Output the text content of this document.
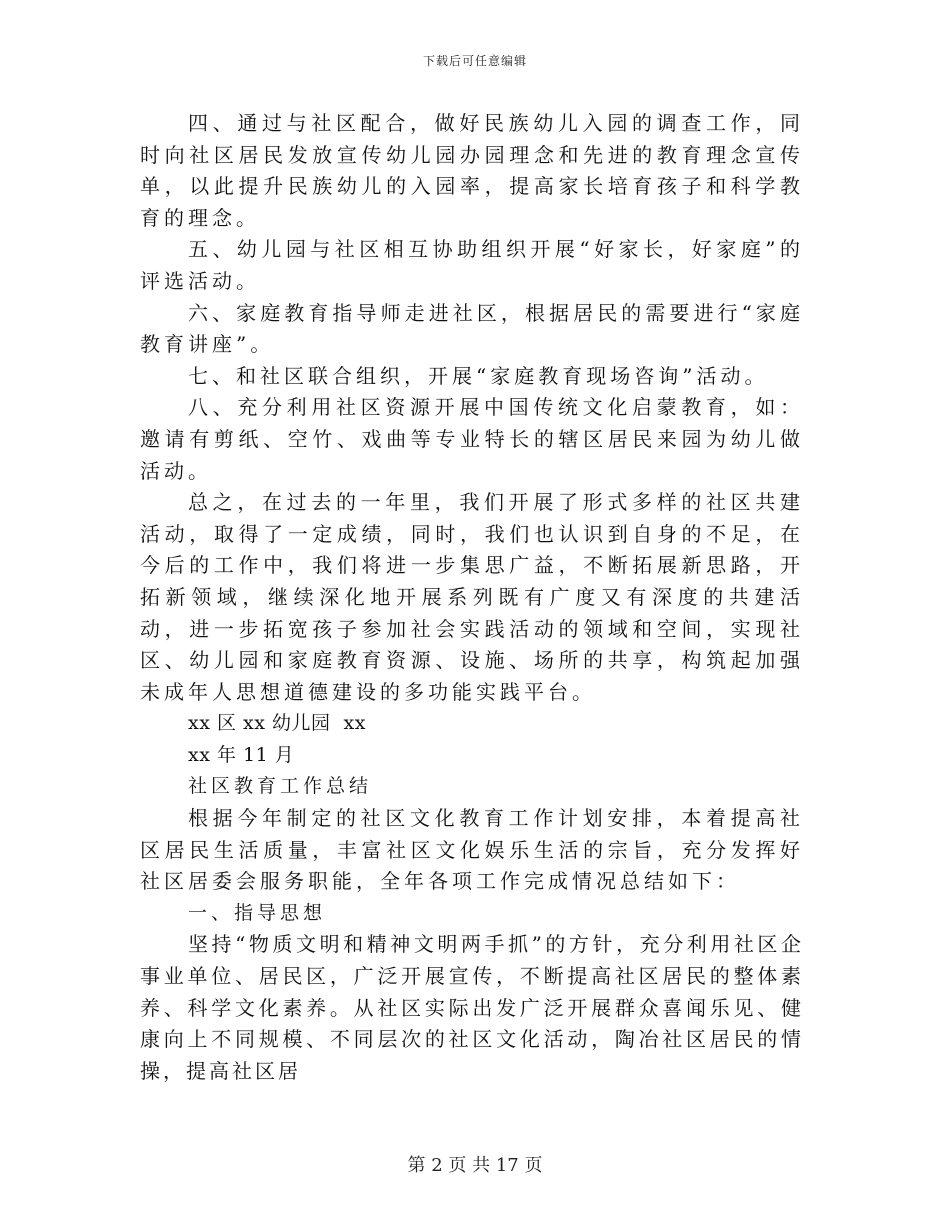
下载后可任意编辑

四、通过与社区配合，做好民族幼儿入园的调查工作，同时向社区居民发放宣传幼儿园办园理念和先进的教育理念宣传单，以此提升民族幼儿的入园率，提高家长培育孩子和科学教育的理念。

五、幼儿园与社区相互协助组织开展“好家长，好家庭”的评选活动。

六、家庭教育指导师走进社区，根据居民的需要进行“家庭教育讲座”。

七、和社区联合组织，开展“家庭教育现场咨询”活动。

八、充分利用社区资源开展中国传统文化启蒙教育，如：邀请有剪纸、空竹、戏曲等专业特长的辖区居民来园为幼儿做活动。

总之，在过去的一年里，我们开展了形式多样的社区共建活动，取得了一定成绩，同时，我们也认识到自身的不足，在今后的工作中，我们将进一步集思广益，不断拓展新思路，开拓新领域，继续深化地开展系列既有广度又有深度的共建活动，进一步拓宽孩子参加社会实践活动的领域和空间，实现社区、幼儿园和家庭教育资源、设施、场所的共享，构筑起加强未成年人思想道德建设的多功能实践平台。

xx 区 xx 幼儿园  xx

xx 年 11 月

社区教育工作总结

根据今年制定的社区文化教育工作计划安排，本着提高社区居民生活质量，丰富社区文化娱乐生活的宗旨，充分发挥好社区居委会服务职能，全年各项工作完成情况总结如下：

一、指导思想

坚持“物质文明和精神文明两手抓”的方针，充分利用社区企事业单位、居民区，广泛开展宣传，不断提高社区居民的整体素养、科学文化素养。从社区实际出发广泛开展群众喜闻乐见、健康向上不同规模、不同层次的社区文化活动，陶冶社区居民的情操，提高社区居

第 2 页 共 17 页
